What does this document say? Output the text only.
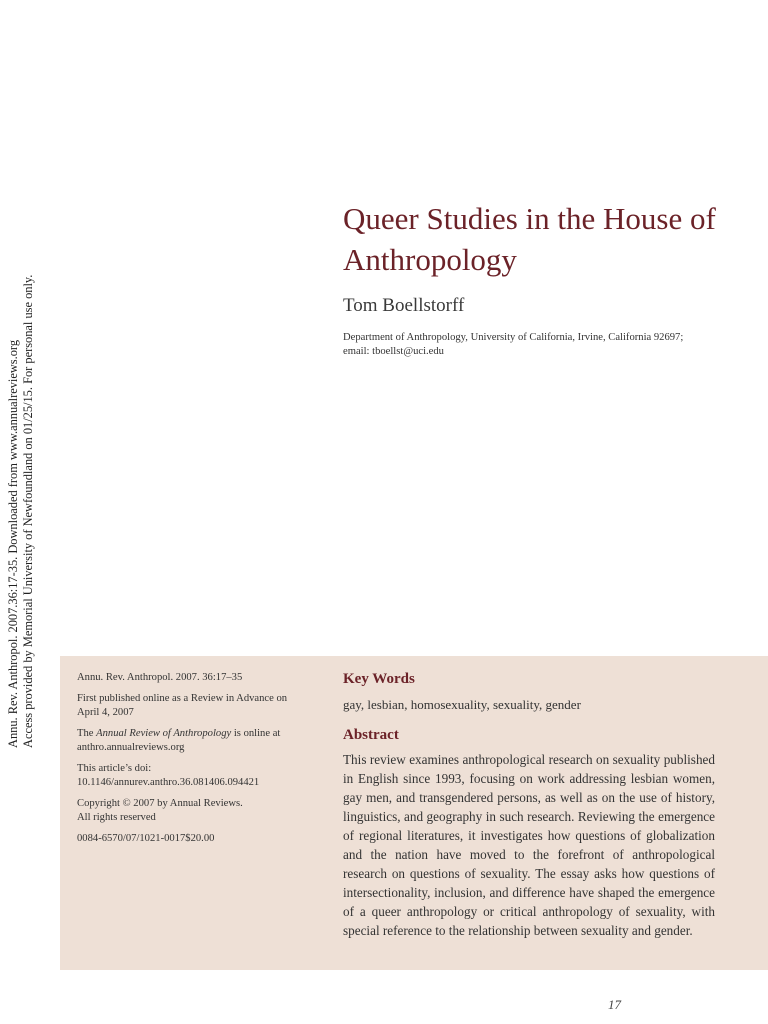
Annu. Rev. Anthropol. 2007.36:17-35. Downloaded from www.annualreviews.org Access provided by Memorial University of Newfoundland on 01/25/15. For personal use only.
Queer Studies in the House of Anthropology
Tom Boellstorff
Department of Anthropology, University of California, Irvine, California 92697;
email: tboellst@uci.edu

Annu. Rev. Anthropol. 2007. 36:17–35

First published online as a Review in Advance on April 4, 2007

The Annual Review of Anthropology is online at anthro.annualreviews.org

This article’s doi:
10.1146/annurev.anthro.36.081406.094421

Copyright © 2007 by Annual Reviews.
All rights reserved

0084-6570/07/1021-0017$20.00

Key Words
gay, lesbian, homosexuality, sexuality, gender
Abstract

This review examines anthropological research on sexuality published in English since 1993, focusing on work addressing lesbian women, gay men, and transgendered persons, as well as on the use of history, linguistics, and geography in such research. Reviewing the emergence of regional literatures, it investigates how questions of globalization and the nation have moved to the forefront of anthropological research on questions of sexuality. The essay asks how questions of intersectionality, inclusion, and difference have shaped the emergence of a queer anthropology or critical anthropology of sexuality, with special reference to the relationship between sexuality and gender.

17
